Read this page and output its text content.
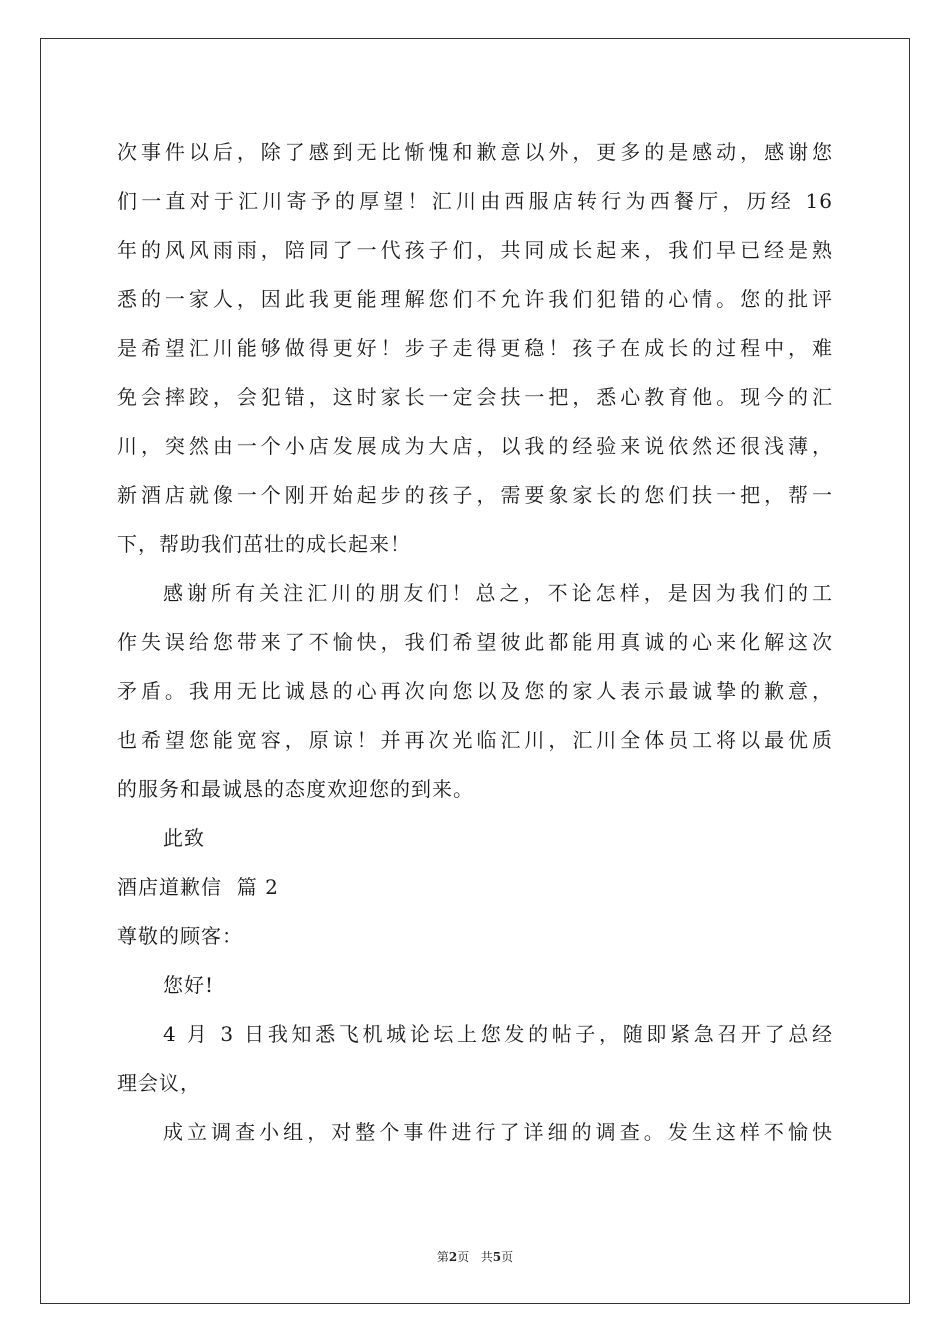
次事件以后，除了感到无比惭愧和歉意以外，更多的是感动，感谢您
们一直对于汇川寄予的厚望！汇川由西服店转行为西餐厅，历经 16
年的风风雨雨，陪同了一代孩子们，共同成长起来，我们早已经是熟
悉的一家人，因此我更能理解您们不允许我们犯错的心情。您的批评
是希望汇川能够做得更好！步子走得更稳！孩子在成长的过程中，难
免会摔跤，会犯错，这时家长一定会扶一把，悉心教育他。现今的汇
川，突然由一个小店发展成为大店，以我的经验来说依然还很浅薄，
新酒店就像一个刚开始起步的孩子，需要象家长的您们扶一把，帮一
下，帮助我们茁壮的成长起来！
感谢所有关注汇川的朋友们！总之，不论怎样，是因为我们的工
作失误给您带来了不愉快，我们希望彼此都能用真诚的心来化解这次
矛盾。我用无比诚恳的心再次向您以及您的家人表示最诚挚的歉意，
也希望您能宽容，原谅！并再次光临汇川，汇川全体员工将以最优质
的服务和最诚恳的态度欢迎您的到来。
此致
酒店道歉信  篇 2
尊敬的顾客：
您好!
4 月 3 日我知悉飞机城论坛上您发的帖子，随即紧急召开了总经
理会议，
成立调查小组，对整个事件进行了详细的调查。发生这样不愉快
第2页   共5页
